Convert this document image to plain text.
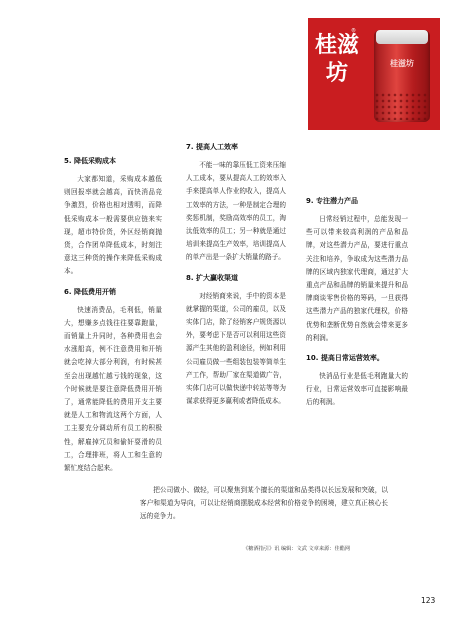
桂滋坊
®
桂滋坊
5. 降低采购成本

大家都知道，采购成本越低则回报率就会越高，而快消品竞争激烈，价格也相对透明，而降低采购成本一般需要供应链来实现，超市特价货，外区经销商抛货，合作团单降低成本，时刻注意这三种货的操作来降低采购成本。

6. 降低费用开销

快速消费品，毛利低，销量大，想赚多点钱往往要靠跑量，而销量上升同时，各种费用也会水涨船高，例不注意费用和开销就会吃掉大部分利润，有时候甚至会出现越忙越亏钱的现象，这个时候就是要注意降低费用开销了，通常能降低的费用开支主要就是人工和物流这两个方面，人工主要充分调动所有员工的积极性，解雇掉冗员和偷奸耍滑的员工，合理排班，将人工和生意的繁忙度结合起来。

7. 提高人工效率

不能一味的靠压低工资来压缩人工成本，要从提高人工的效率入手来提高单人作业的收入，提高人工效率的方法，一种是制定合理的奖惩机制，奖励高效率的员工，淘汰低效率的员工；另一种就是通过培训来提高生产效率，培训提高人的单产出是一条扩大销量的路子。

8. 扩大赢收渠道

对经销商来说，手中的资本是就掌握的渠道，公司的雇员，以及实体门店，除了经销客户规货源以外，要考虑下是否可以利用这些资源产生其他的盈利途径，例如利用公司雇员做一些组装包装等简单生产工作，帮助厂家在渠道做广告，实体门店可以做快递中转站等等为谋求获得更多赢利或者降低成本。

9. 专注潜力产品

日常经销过程中，总能发现一些可以带来较高利润的产品和品牌，对这些潜力产品，要进行重点关注和培养，争取成为这些潜力品牌的区域内独家代理商，通过扩大重点产品和品牌的销量来提升和品牌商谈零售价格的筹码，一旦获得这些潜力产品的独家代理权，价格优势和垄断优势自然就会带来更多的利润。

10. 提高日常运营效率。

快消品行业是低毛利跑量大的行业，日常运营效率可直接影响最后的利润。

把公司做小、做轻，可以聚焦到某个擅长的渠道和品类得以长远发展和突破，以客户和渠道为导向，可以让经销商摆脱成本经营和价格竞争的困境，建立真正核心长远的竞争力。

《糖酒指引》讯 编辑：文武 文章来源：佳酯网
123
